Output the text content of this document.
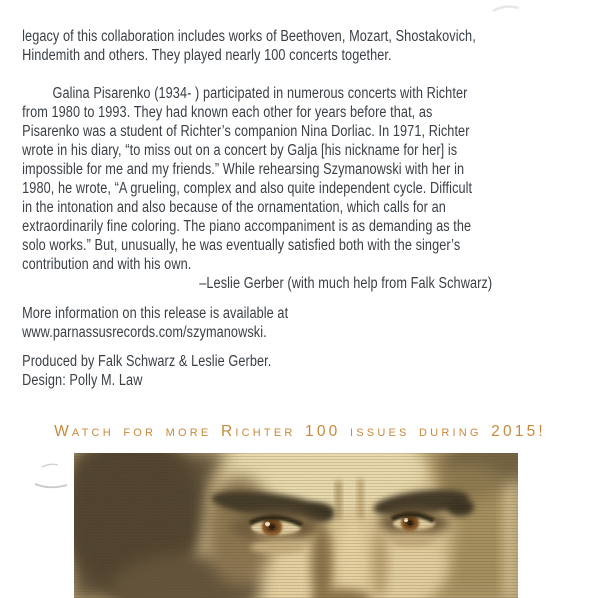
legacy of this collaboration includes works of Beethoven, Mozart, Shostakovich,
Hindemith and others. They played nearly 100 concerts together.
Galina Pisarenko (1934- ) participated in numerous concerts with Richter
from 1980 to 1993. They had known each other for years before that, as
Pisarenko was a student of Richter’s companion Nina Dorliac. In 1971, Richter
wrote in his diary, “to miss out on a concert by Galja [his nickname for her] is
impossible for me and my friends.” While rehearsing Szymanowski with her in
1980, he wrote, “A grueling, complex and also quite independent cycle. Difficult
in the intonation and also because of the ornamentation, which calls for an
extraordinarily fine coloring. The piano accompaniment is as demanding as the
solo works.” But, unusually, he was eventually satisfied both with the singer’s
contribution and with his own.
–Leslie Gerber (with much help from Falk Schwarz)
More information on this release is available at
www.parnassusrecords.com/szymanowski.
Produced by Falk Schwarz & Leslie Gerber.
Design: Polly M. Law
Watch for more Richter 100 issues during 2015!
